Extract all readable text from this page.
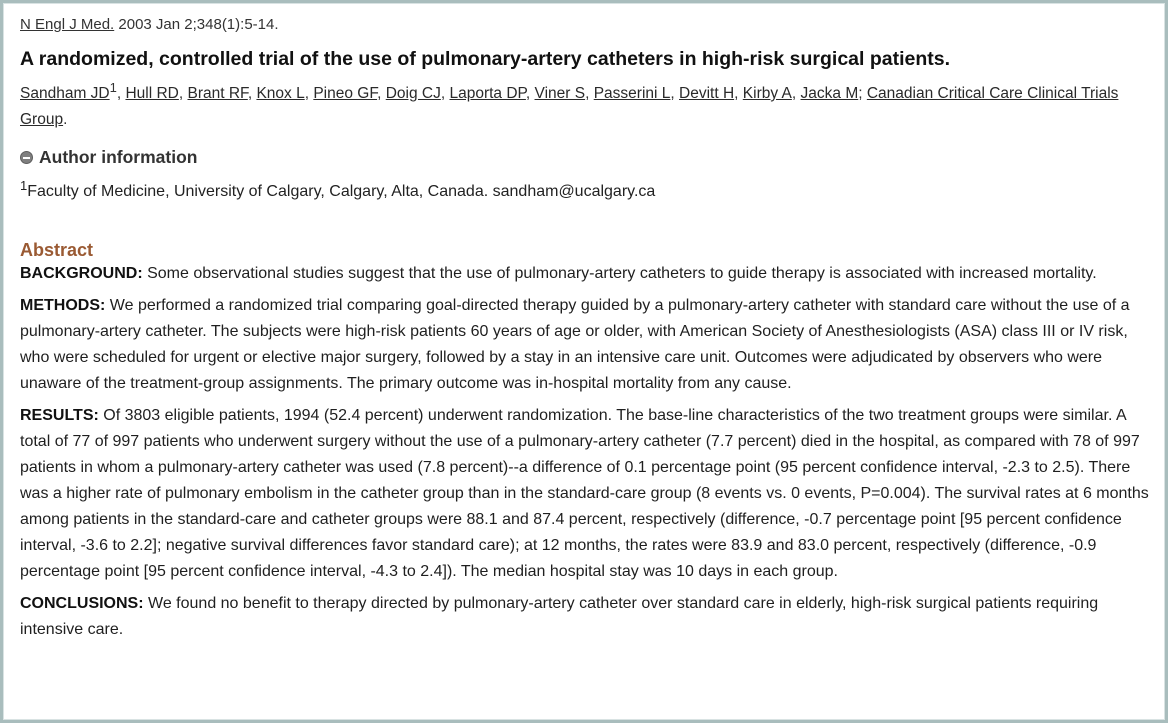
N Engl J Med. 2003 Jan 2;348(1):5-14.
A randomized, controlled trial of the use of pulmonary-artery catheters in high-risk surgical patients.
Sandham $JD^1$, Hull RD, Brant RF, Knox L, Pineo GF, Doig CJ, Laporta DP, Viner S, Passerini L, Devitt H, Kirby A, Jacka M; Canadian Critical Care Clinical Trials Group.
Author information
$^1$Faculty of Medicine, University of Calgary, Calgary, Alta, Canada. sandham@ucalgary.ca
Abstract

BACKGROUND: Some observational studies suggest that the use of pulmonary-artery catheters to guide therapy is associated with increased mortality.

METHODS: We performed a randomized trial comparing goal-directed therapy guided by a pulmonary-artery catheter with standard care without the use of a pulmonary-artery catheter. The subjects were high-risk patients 60 years of age or older, with American Society of Anesthesiologists (ASA) class III or IV risk, who were scheduled for urgent or elective major surgery, followed by a stay in an intensive care unit. Outcomes were adjudicated by observers who were unaware of the treatment-group assignments. The primary outcome was in-hospital mortality from any cause.

RESULTS: Of 3803 eligible patients, 1994 (52.4 percent) underwent randomization. The base-line characteristics of the two treatment groups were similar. A total of 77 of 997 patients who underwent surgery without the use of a pulmonary-artery catheter (7.7 percent) died in the hospital, as compared with 78 of 997 patients in whom a pulmonary-artery catheter was used (7.8 percent)--a difference of 0.1 percentage point (95 percent confidence interval, -2.3 to 2.5). There was a higher rate of pulmonary embolism in the catheter group than in the standard-care group (8 events vs. 0 events, P=0.004). The survival rates at 6 months among patients in the standard-care and catheter groups were 88.1 and 87.4 percent, respectively (difference, -0.7 percentage point [95 percent confidence interval, -3.6 to 2.2]; negative survival differences favor standard care); at 12 months, the rates were 83.9 and 83.0 percent, respectively (difference, -0.9 percentage point [95 percent confidence interval, -4.3 to 2.4]). The median hospital stay was 10 days in each group.

CONCLUSIONS: We found no benefit to therapy directed by pulmonary-artery catheter over standard care in elderly, high-risk surgical patients requiring intensive care.
